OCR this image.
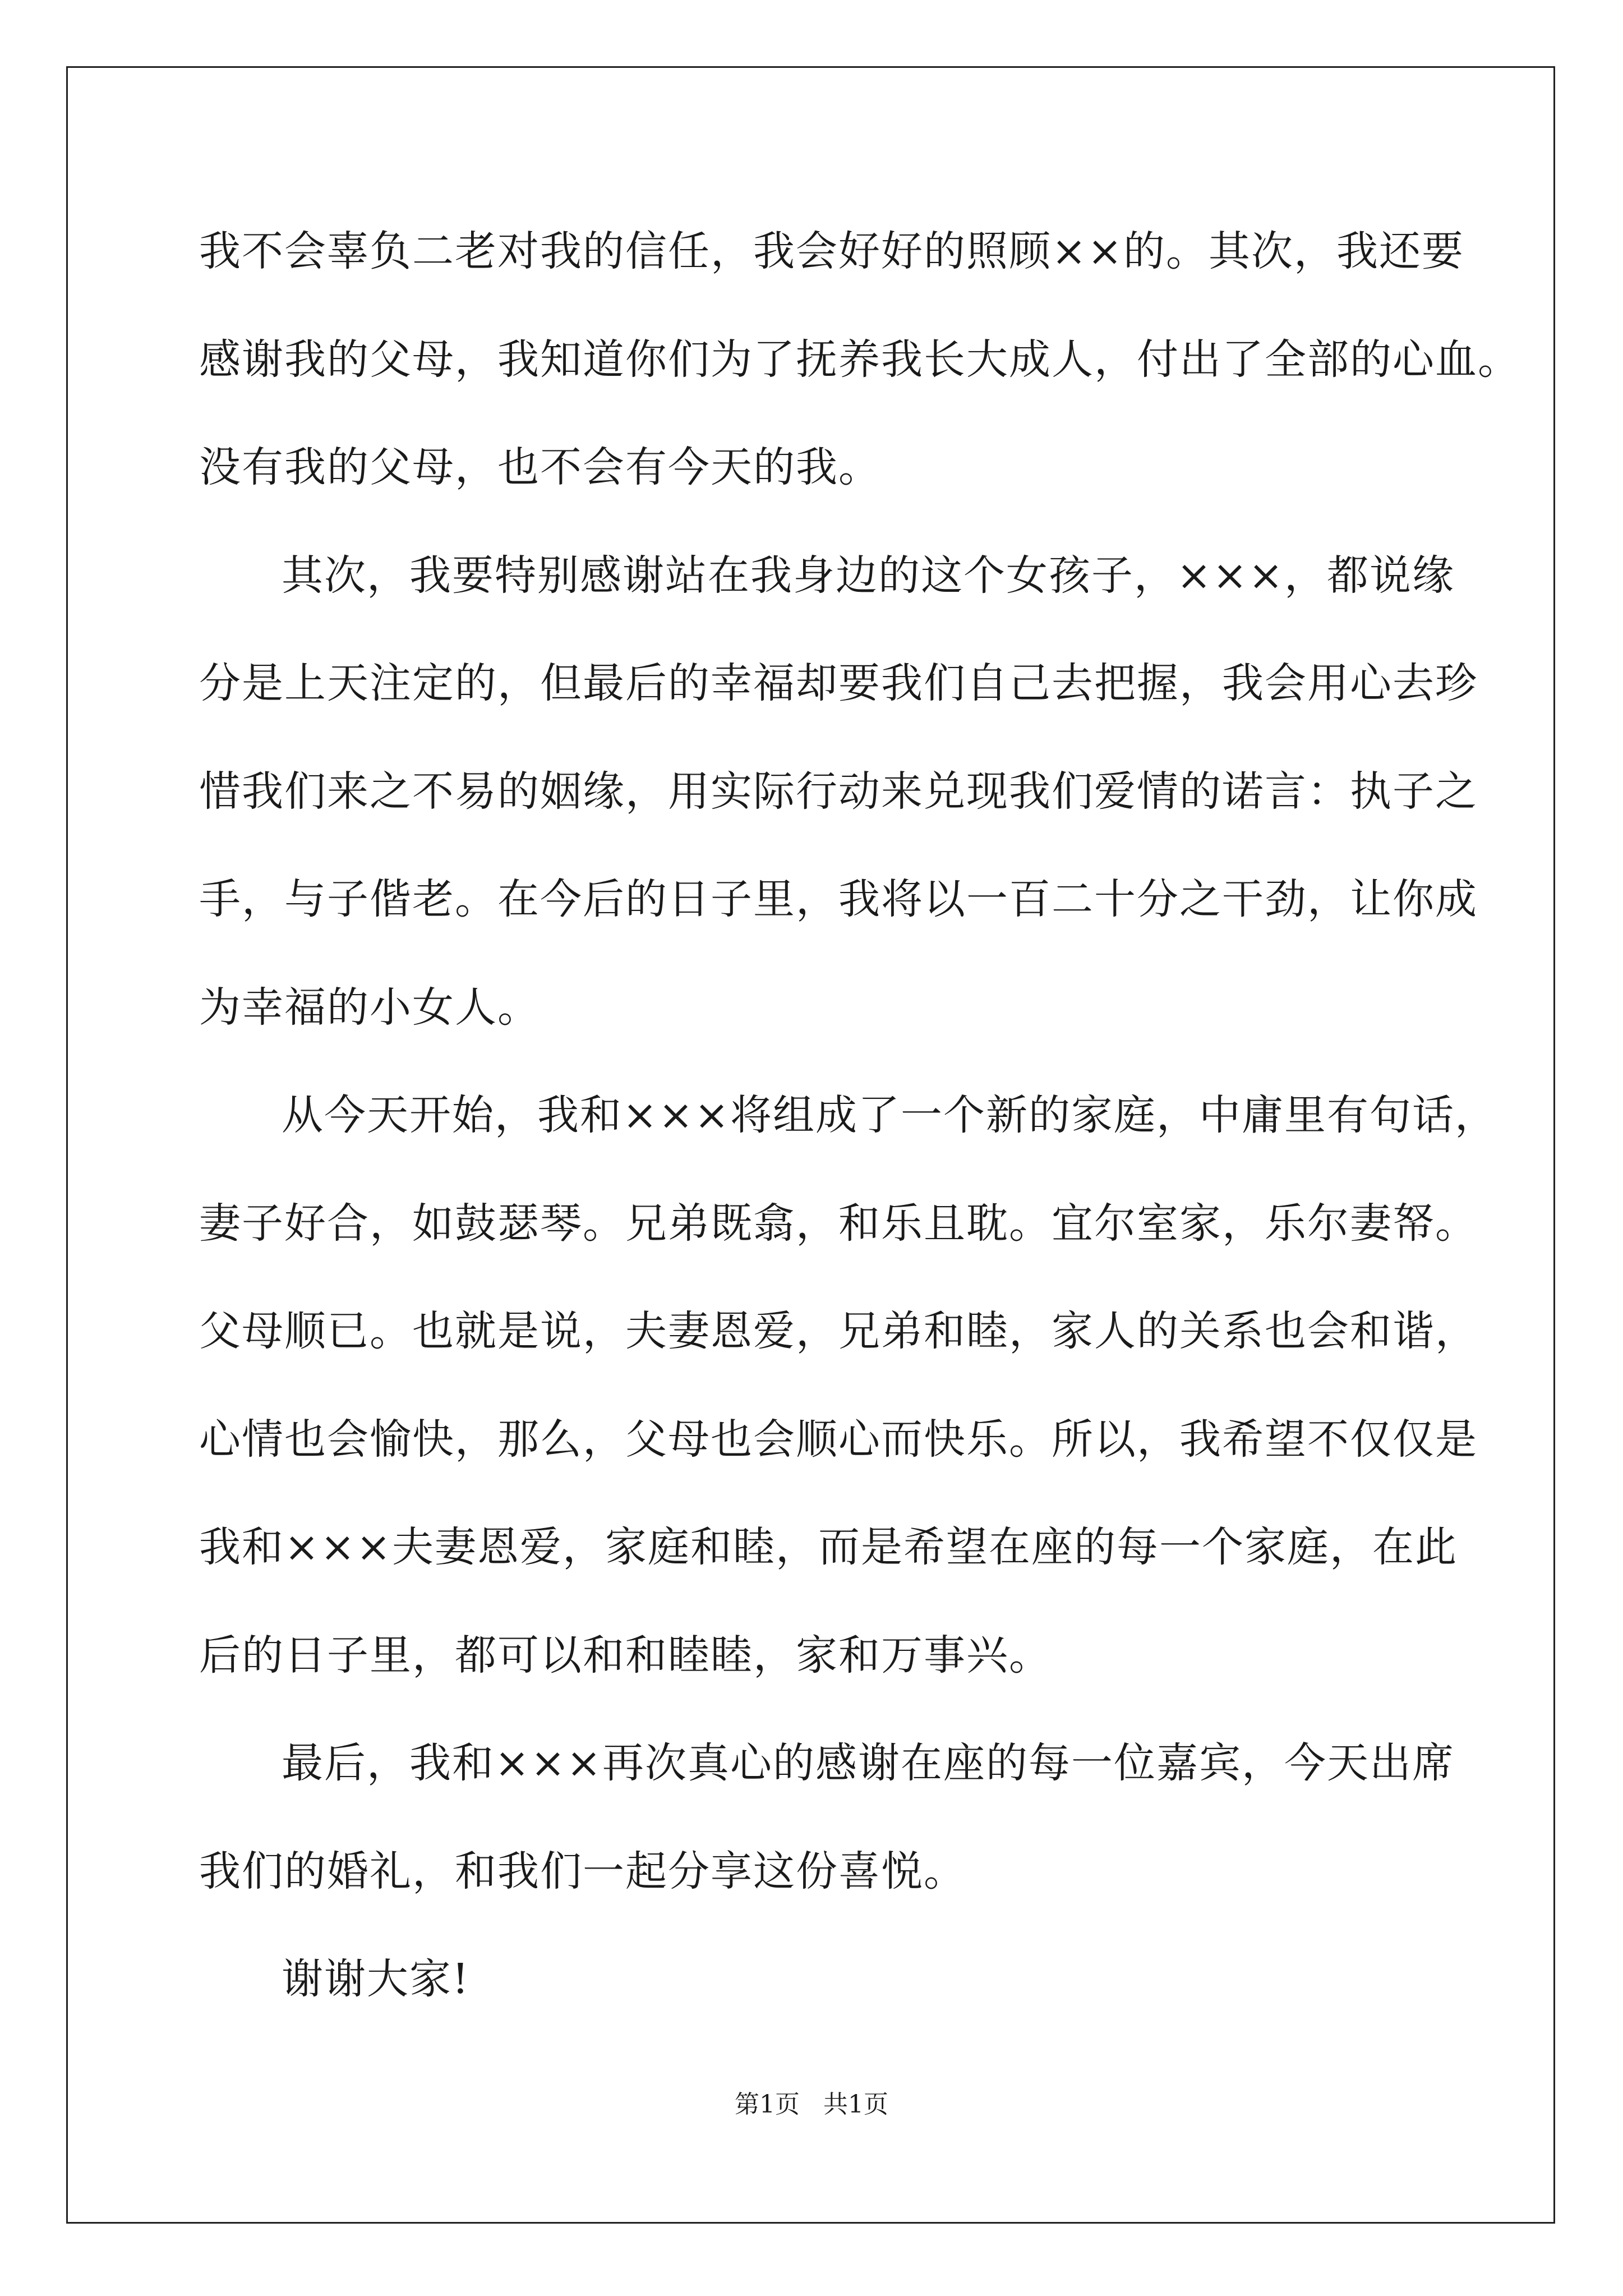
我不会辜负二老对我的信任，我会好好的照顾××的。其次，我还要
感谢我的父母，我知道你们为了抚养我长大成人，付出了全部的心血。
没有我的父母，也不会有今天的我。
其次，我要特别感谢站在我身边的这个女孩子，×××，都说缘
分是上天注定的，但最后的幸福却要我们自己去把握，我会用心去珍
惜我们来之不易的姻缘，用实际行动来兑现我们爱情的诺言：执子之
手，与子偕老。在今后的日子里，我将以一百二十分之干劲，让你成
为幸福的小女人。
从今天开始，我和×××将组成了一个新的家庭，中庸里有句话，
妻子好合，如鼓瑟琴。兄弟既翕，和乐且耽。宜尔室家，乐尔妻帑。
父母顺已。也就是说，夫妻恩爱，兄弟和睦，家人的关系也会和谐，
心情也会愉快，那么，父母也会顺心而快乐。所以，我希望不仅仅是
我和×××夫妻恩爱，家庭和睦，而是希望在座的每一个家庭，在此
后的日子里，都可以和和睦睦，家和万事兴。
最后，我和×××再次真心的感谢在座的每一位嘉宾，今天出席
我们的婚礼，和我们一起分享这份喜悦。
谢谢大家!
第1页   共1页
